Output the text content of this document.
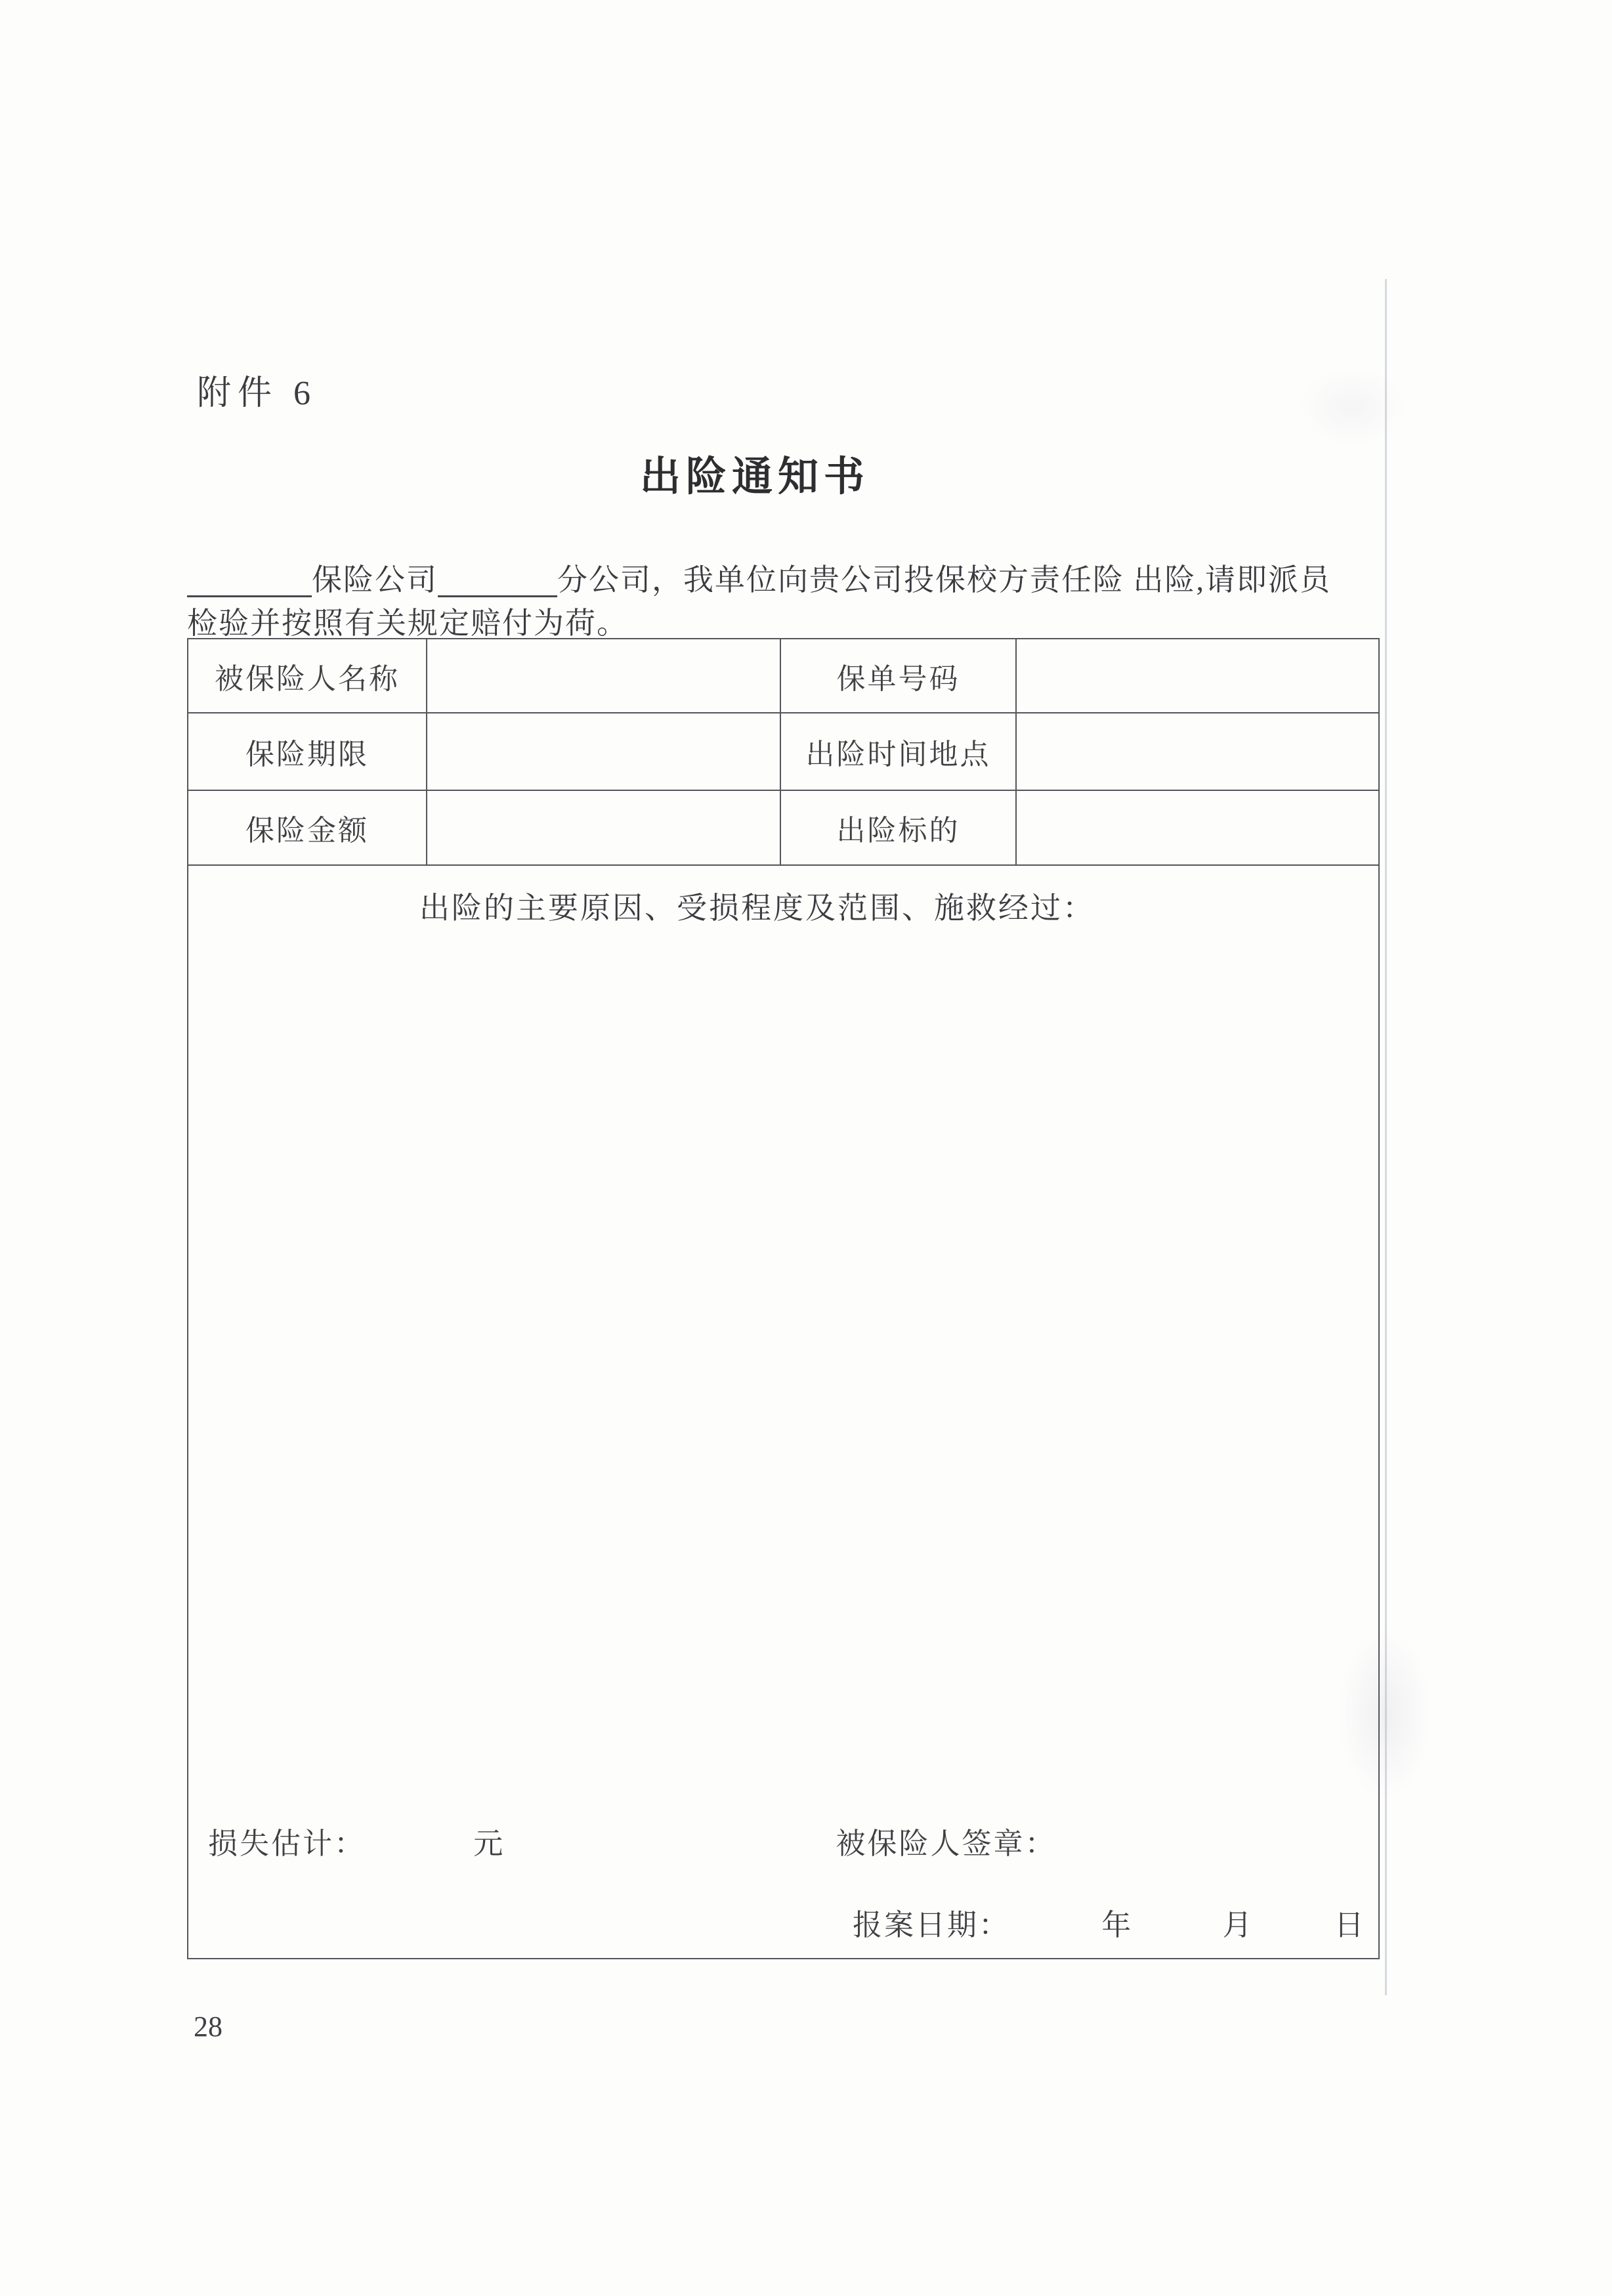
附件 6
出险通知书
保险公司	分公司，我单位向贵公司投保校方责任险 出险,请即派员
检验并按照有关规定赔付为荷。
被保险人名称		保单号码	
保险期限		出险时间地点	
保险金额		出险标的	

出险的主要原因、受损程度及范围、施救经过：
损失估计： 元 被保险人签章：
报案日期： 年 月 日			
28
